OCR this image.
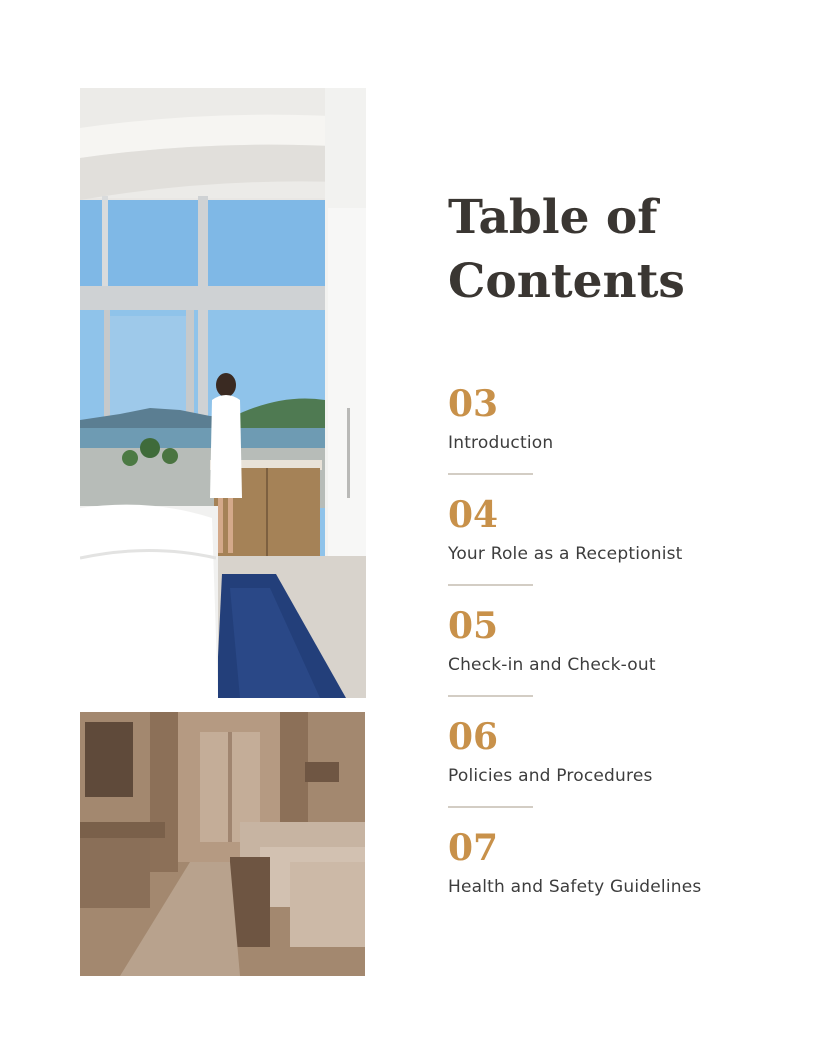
Table of Contents
03
Introduction
04
Your Role as a Receptionist
05
Check-in and Check-out
06
Policies and Procedures
07
Health and Safety Guidelines
